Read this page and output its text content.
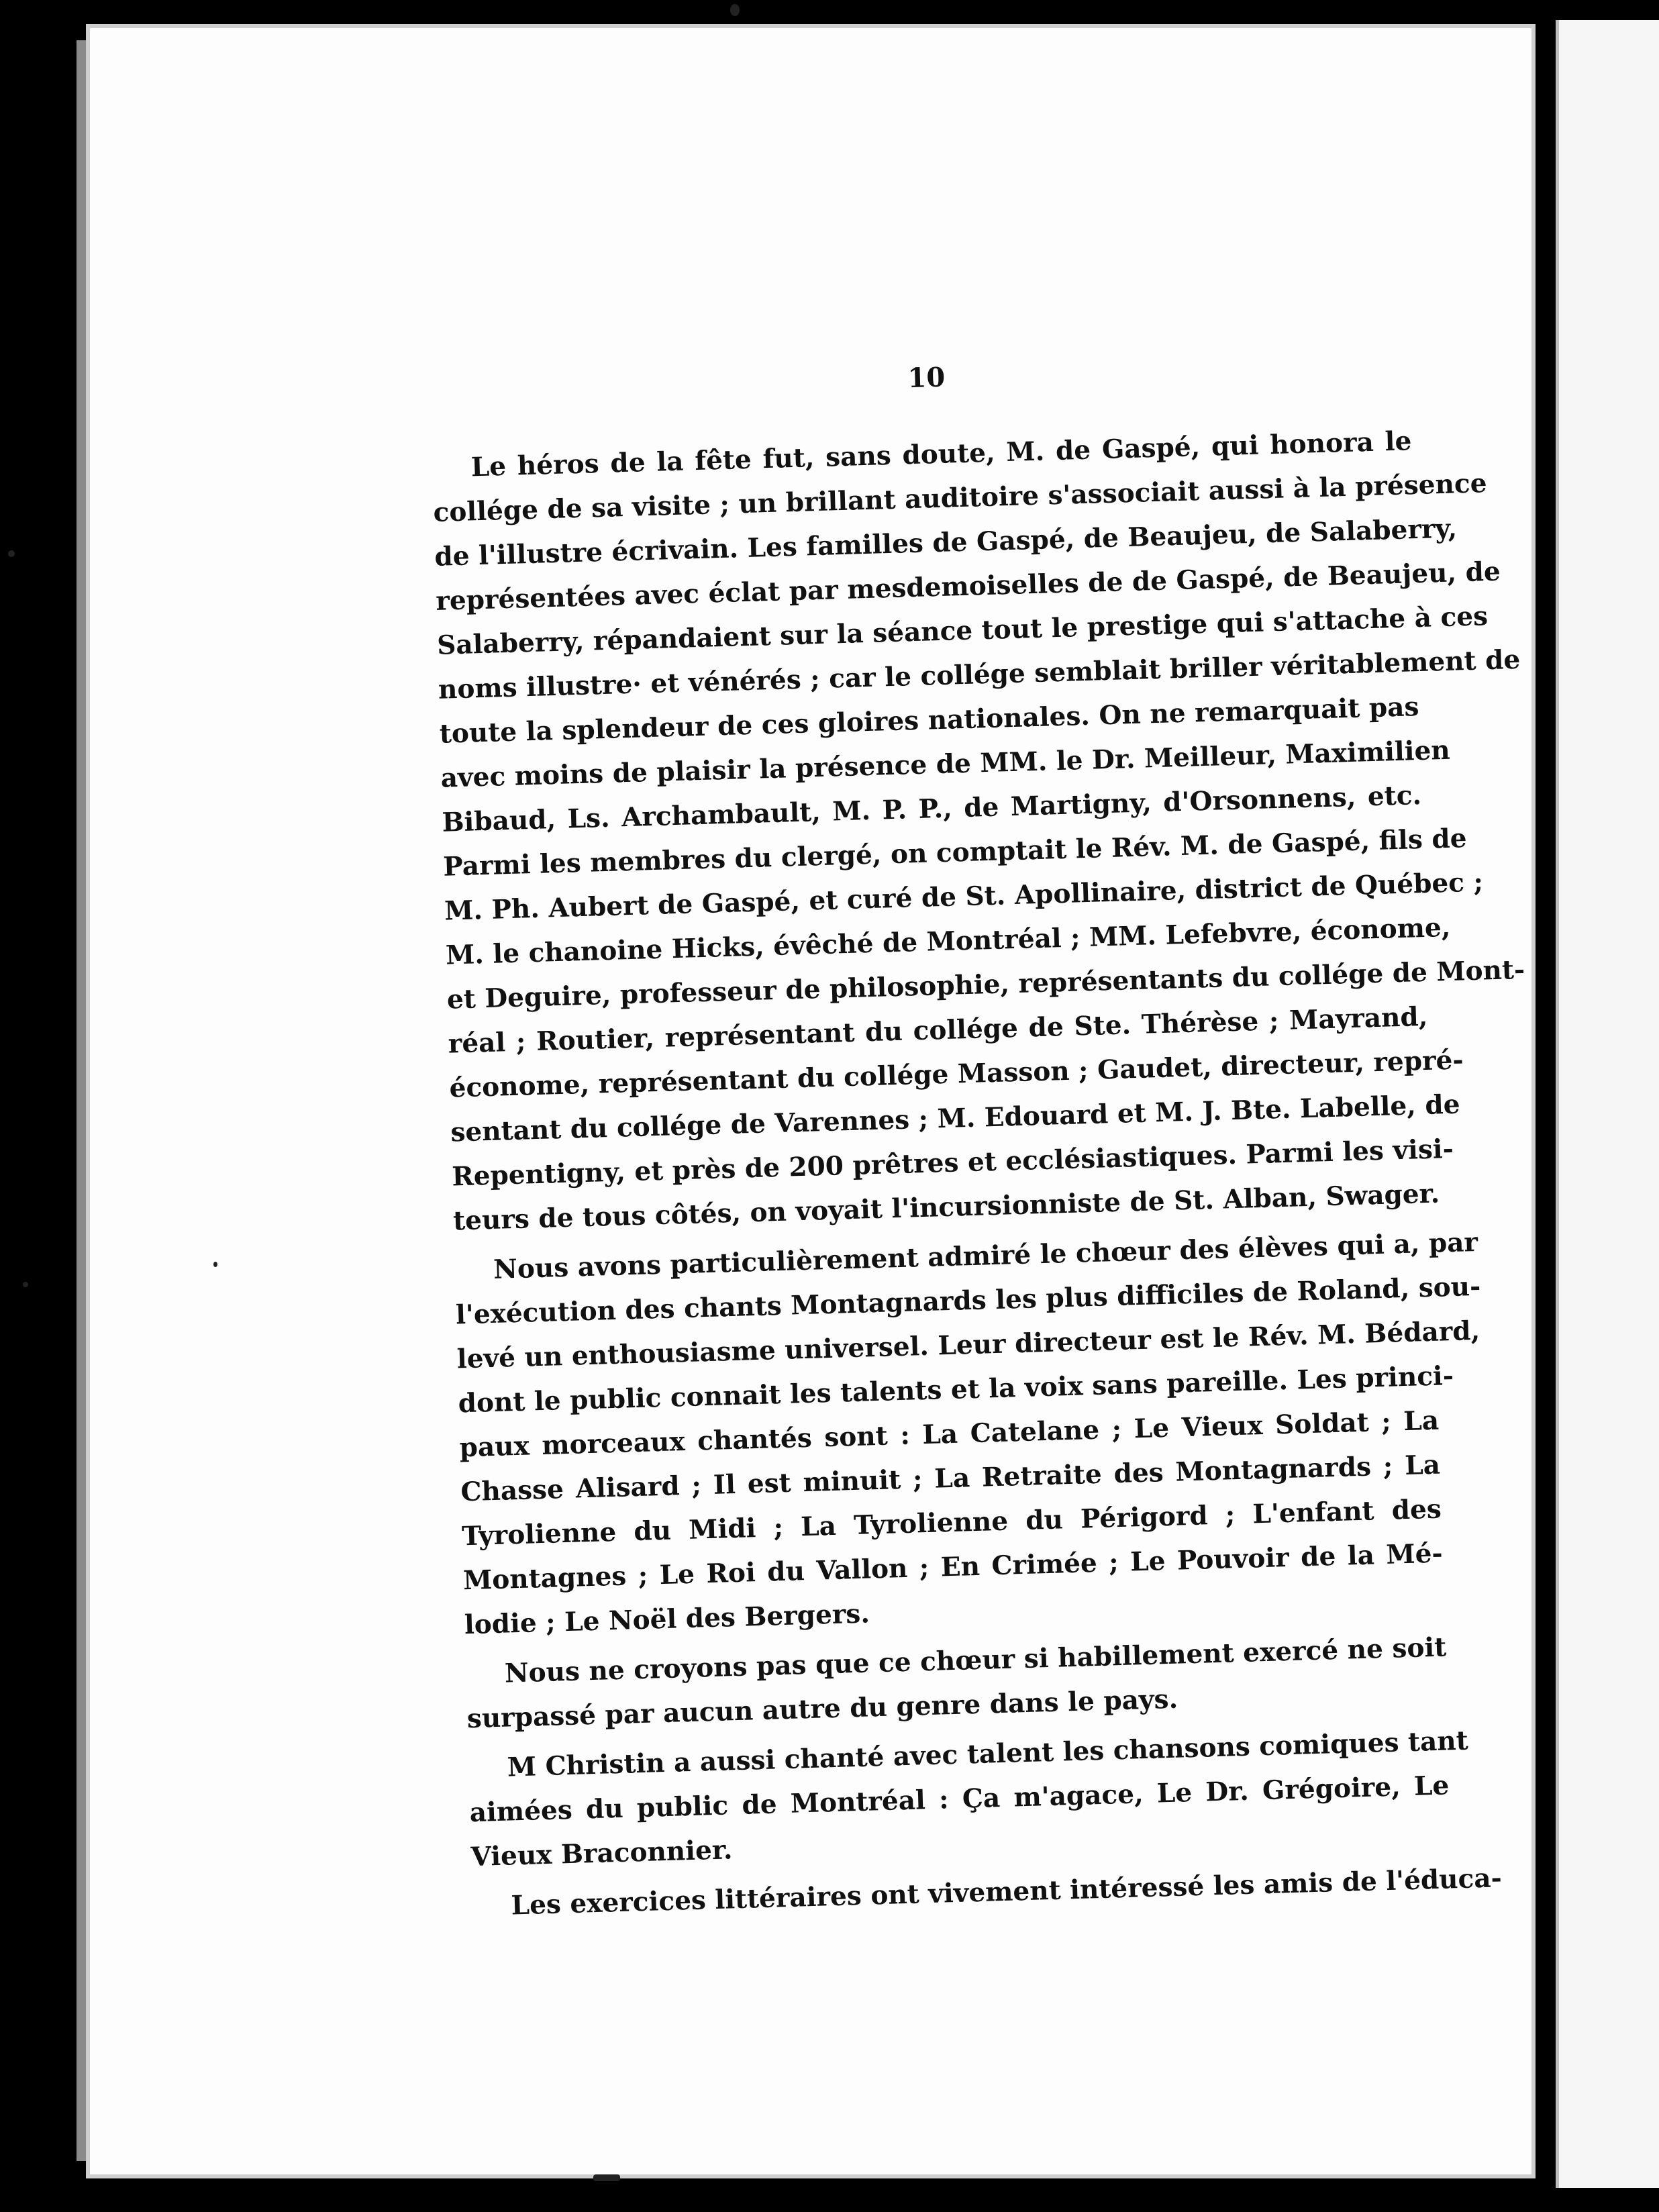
10

Le héros de la fête fut, sans doute, M. de Gaspé, qui honora le
collége de sa visite ; un brillant auditoire s'associait aussi à la présence
de l'illustre écrivain. Les familles de Gaspé, de Beaujeu, de Salaberry,
représentées avec éclat par mesdemoiselles de de Gaspé, de Beaujeu, de
Salaberry, répandaient sur la séance tout le prestige qui s'attache à ces
noms illustre· et vénérés ; car le collége semblait briller véritablement de
toute la splendeur de ces gloires nationales. On ne remarquait pas
avec moins de plaisir la présence de MM. le Dr. Meilleur, Maximilien
Bibaud, Ls. Archambault, M. P. P., de Martigny, d'Orsonnens, etc.
Parmi les membres du clergé, on comptait le Rév. M. de Gaspé, fils de
M. Ph. Aubert de Gaspé, et curé de St. Apollinaire, district de Québec ;
M. le chanoine Hicks, évêché de Montréal ; MM. Lefebvre, économe,
et Deguire, professeur de philosophie, représentants du collége de Mont-
réal ; Routier, représentant du collége de Ste. Thérèse ; Mayrand,
économe, représentant du collége Masson ; Gaudet, directeur, repré-
sentant du collége de Varennes ; M. Edouard et M. J. Bte. Labelle, de
Repentigny, et près de 200 prêtres et ecclésiastiques. Parmi les visi-
teurs de tous côtés, on voyait l'incursionniste de St. Alban, Swager.

Nous avons particulièrement admiré le chœur des élèves qui a, par
l'exécution des chants Montagnards les plus difficiles de Roland, sou-
levé un enthousiasme universel. Leur directeur est le Rév. M. Bédard,
dont le public connait les talents et la voix sans pareille. Les princi-
paux morceaux chantés sont : La Catelane ; Le Vieux Soldat ; La
Chasse Alisard ; Il est minuit ; La Retraite des Montagnards ; La
Tyrolienne du Midi ; La Tyrolienne du Périgord ; L'enfant des
Montagnes ; Le Roi du Vallon ; En Crimée ; Le Pouvoir de la Mé-
lodie ; Le Noël des Bergers.

Nous ne croyons pas que ce chœur si habillement exercé ne soit
surpassé par aucun autre du genre dans le pays.

M Christin a aussi chanté avec talent les chansons comiques tant
aimées du public de Montréal : Ça m'agace, Le Dr. Grégoire, Le
Vieux Braconnier.

Les exercices littéraires ont vivement intéressé les amis de l'éduca-
